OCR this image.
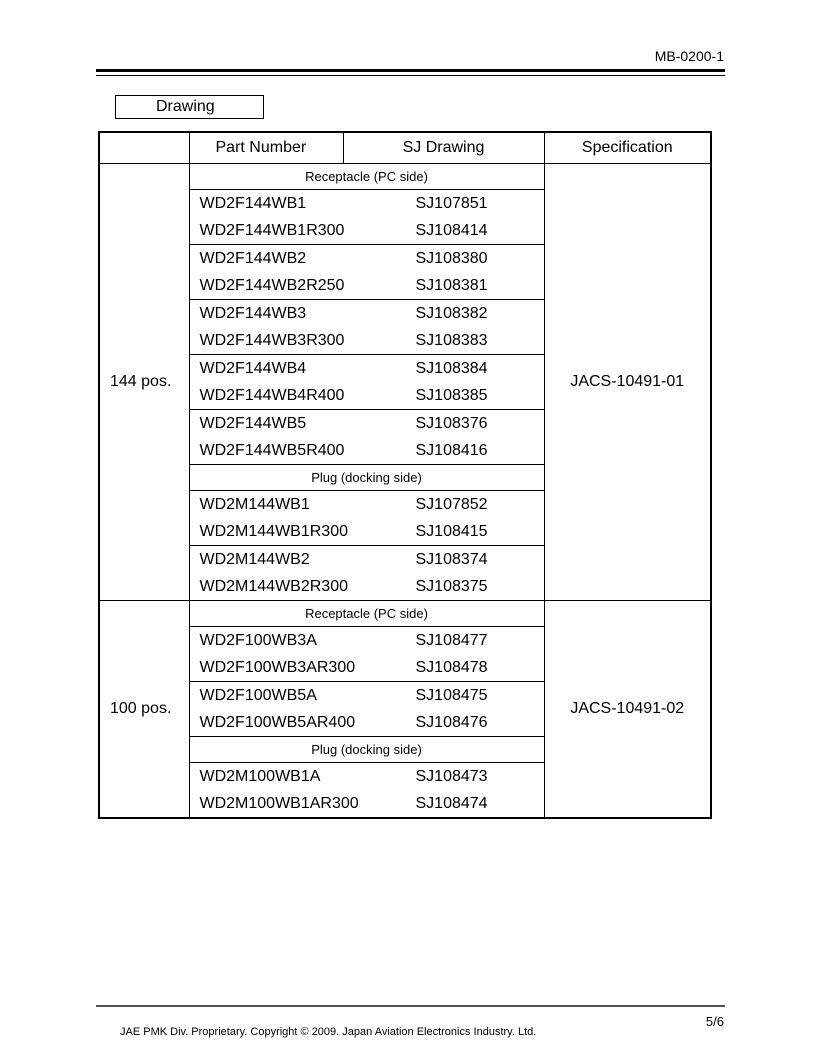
MB-0200-1
Drawing
	Part Number	SJ Drawing	Specification
144 pos.	Receptacle (PC side)		JACS-10491-01

	WD2F144WB1 SJ107851
WD2F144WB1R300 SJ108414		

	WD2F144WB2 SJ108380
WD2F144WB2R250 SJ108381		

	WD2F144WB3 SJ108382
WD2F144WB3R300 SJ108383		

	WD2F144WB4 SJ108384
WD2F144WB4R400 SJ108385		

	WD2F144WB5 SJ108376
WD2F144WB5R400 SJ108416		

	Plug (docking side)		

	WD2M144WB1 SJ107852
WD2M144WB1R300 SJ108415		

	WD2M144WB2 SJ108374
WD2M144WB2R300 SJ108375		

100 pos.	Receptacle (PC side)		JACS-10491-02

	WD2F100WB3A SJ108477
WD2F100WB3AR300 SJ108478		

	WD2F100WB5A SJ108475
WD2F100WB5AR400 SJ108476		

	Plug (docking side)		

	WD2M100WB1A SJ108473
WD2M100WB1AR300 SJ108474		
5/6
JAE PMK Div. Proprietary. Copyright © 2009. Japan Aviation Electronics Industry. Ltd.
